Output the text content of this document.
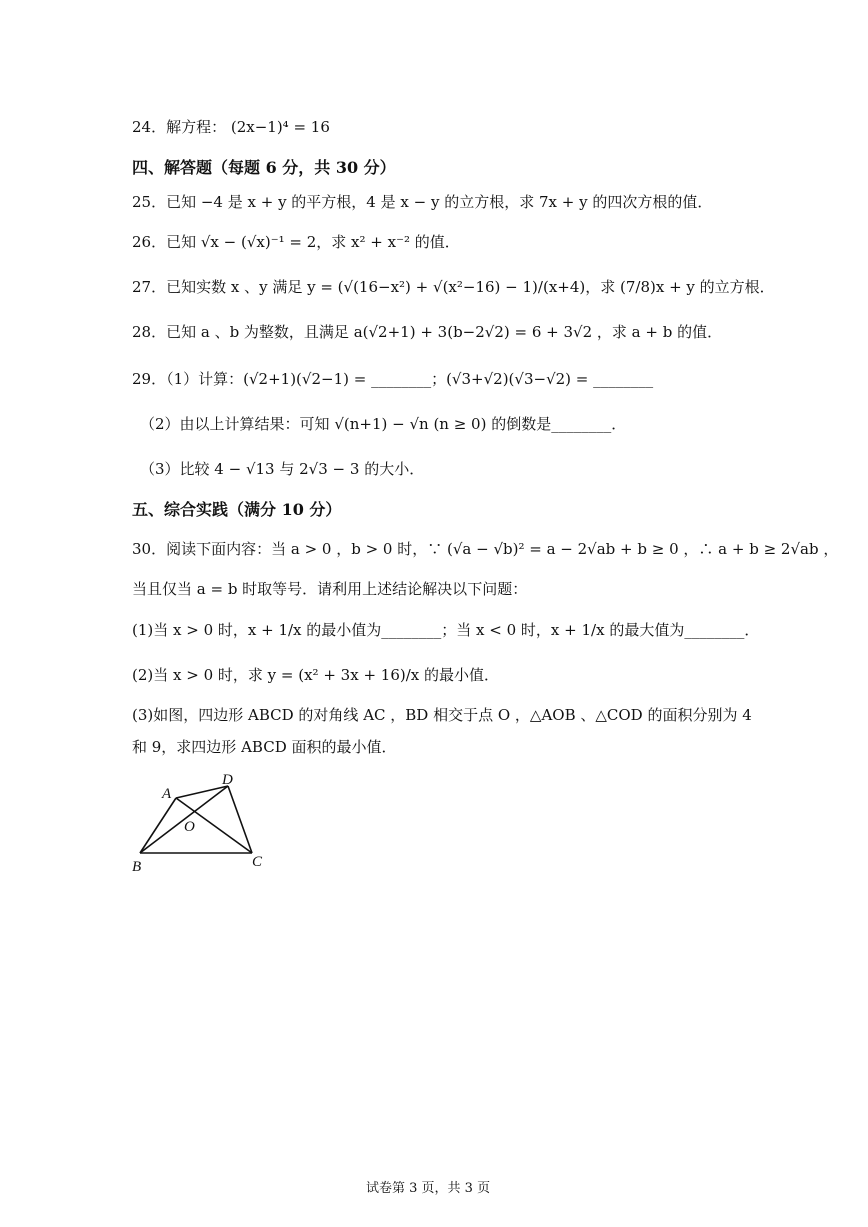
24．解方程： (2x−1)⁴ = 16
四、解答题（每题 6 分，共 30 分）
25．已知 −4 是 x + y 的平方根，4 是 x − y 的立方根，求 7x + y 的四次方根的值．
26．已知 √x − (√x)⁻¹ = 2，求 x² + x⁻² 的值．
27．已知实数 x 、y 满足 y = (√(16−x²) + √(x²−16) − 1)/(x+4)，求 (7/8)x + y 的立方根．
28．已知 a 、b 为整数，且满足 a(√2+1) + 3(b−2√2) = 6 + 3√2 ，求 a + b 的值．
29．（1）计算：(√2+1)(√2−1) = ________；(√3+√2)(√3−√2) = ________
（2）由以上计算结果：可知 √(n+1) − √n (n ≥ 0) 的倒数是________．
（3）比较 4 − √13 与 2√3 − 3 的大小．
五、综合实践（满分 10 分）
30．阅读下面内容：当 a > 0 ，b > 0 时，∵ (√a − √b)² = a − 2√ab + b ≥ 0 ，∴ a + b ≥ 2√ab ，
当且仅当 a = b 时取等号．请利用上述结论解决以下问题：
(1)当 x > 0 时，x + 1/x 的最小值为________；当 x < 0 时，x + 1/x 的最大值为________．
(2)当 x > 0 时，求 y = (x² + 3x + 16)/x 的最小值．
(3)如图，四边形 ABCD 的对角线 AC ，BD 相交于点 O ，△AOB 、△COD 的面积分别为 4
和 9，求四边形 ABCD 面积的最小值．
A
D
B	C
O
试卷第 3 页，共 3 页
